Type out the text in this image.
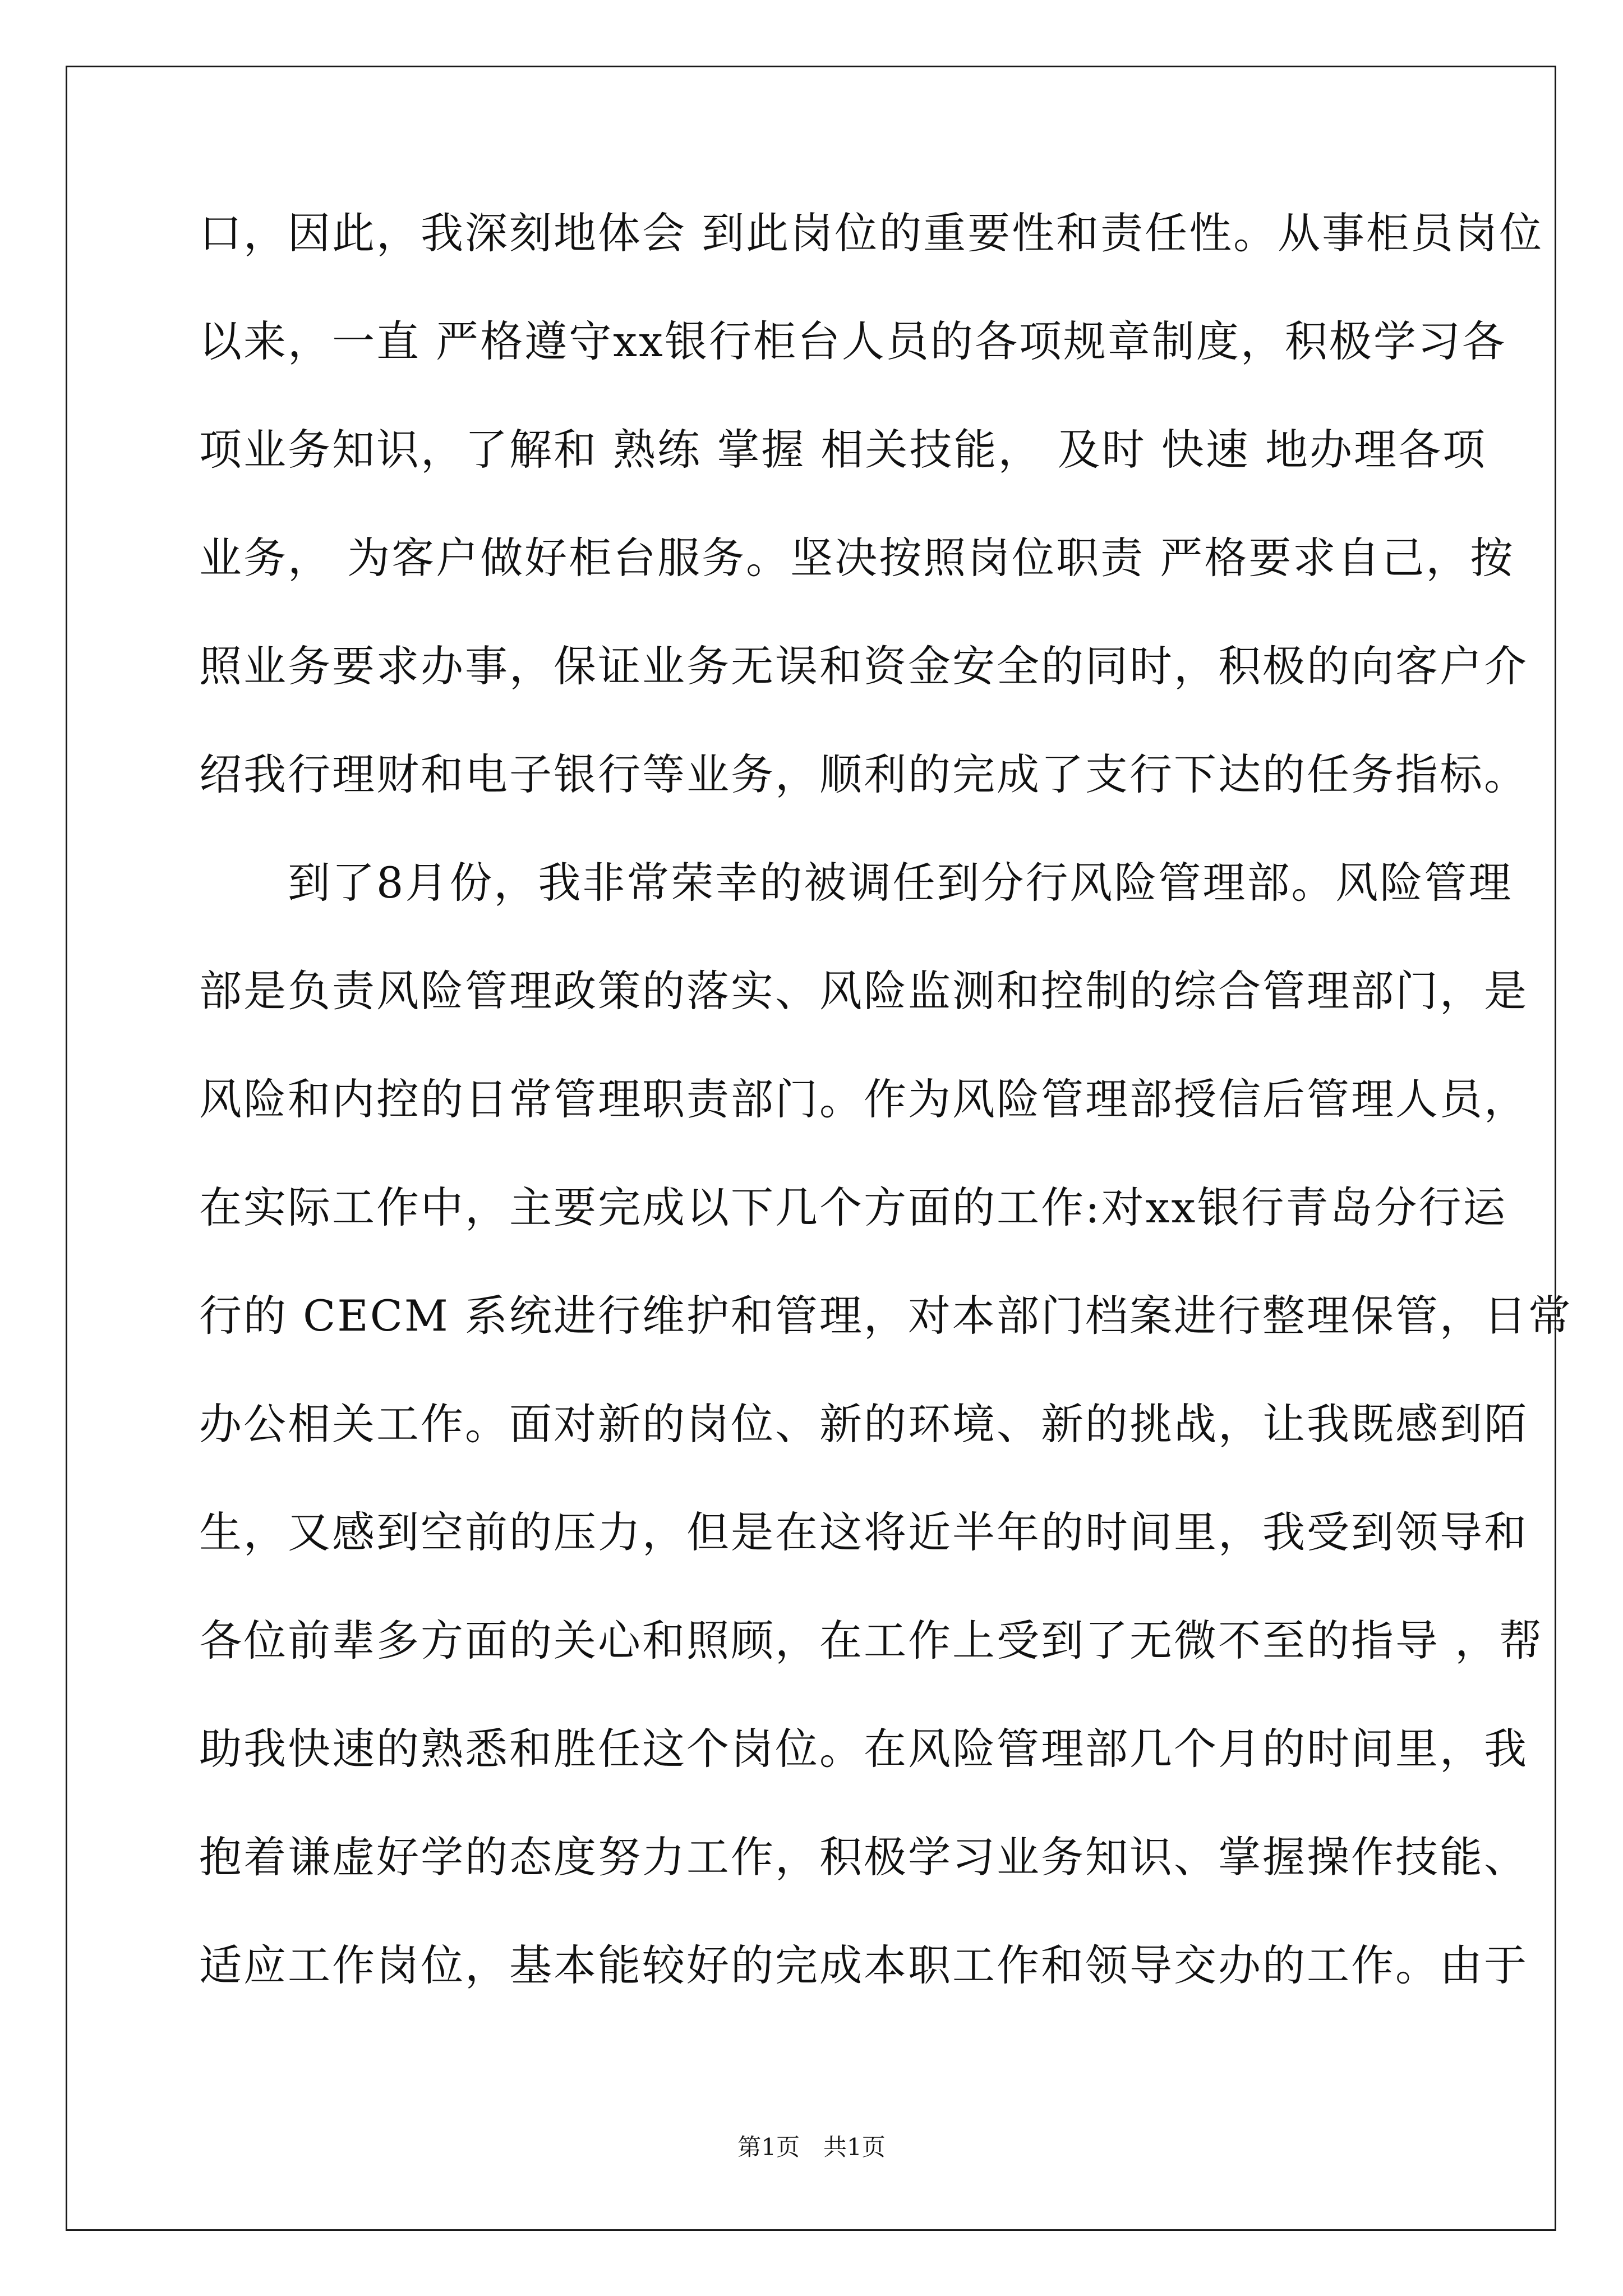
口，因此，我深刻地体会 到此岗位的重要性和责任性。从事柜员岗位
以来，一直 严格遵守xx银行柜台人员的各项规章制度，积极学习各
项业务知识，了解和 熟练 掌握 相关技能， 及时 快速 地办理各项
业务， 为客户做好柜台服务。坚决按照岗位职责 严格要求自己，按
照业务要求办事，保证业务无误和资金安全的同时，积极的向客户介
绍我行理财和电子银行等业务，顺利的完成了支行下达的任务指标。
　　到了8月份，我非常荣幸的被调任到分行风险管理部。风险管理
部是负责风险管理政策的落实、风险监测和控制的综合管理部门，是
风险和内控的日常管理职责部门。作为风险管理部授信后管理人员，
在实际工作中，主要完成以下几个方面的工作:对xx银行青岛分行运
行的 CECM 系统进行维护和管理，对本部门档案进行整理保管，日常
办公相关工作。面对新的岗位、新的环境、新的挑战，让我既感到陌
生，又感到空前的压力，但是在这将近半年的时间里，我受到领导和
各位前辈多方面的关心和照顾，在工作上受到了无微不至的指导 ，帮
助我快速的熟悉和胜任这个岗位。在风险管理部几个月的时间里，我
抱着谦虚好学的态度努力工作，积极学习业务知识、掌握操作技能、
适应工作岗位，基本能较好的完成本职工作和领导交办的工作。由于
第1页　共1页
